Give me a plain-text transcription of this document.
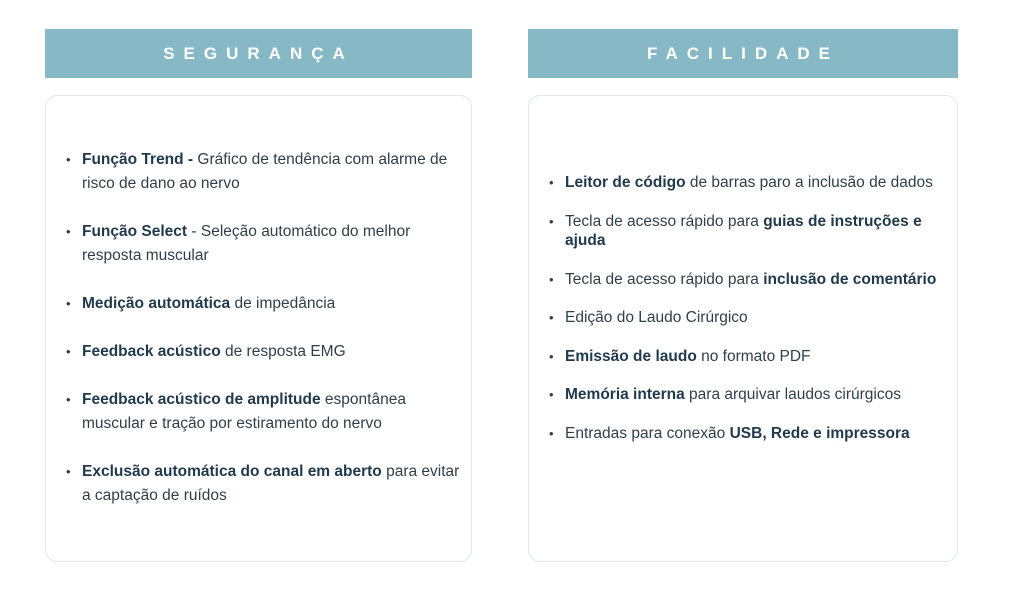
SEGURANÇA	FACILIDADE
• Função Trend - Gráfico de tendência com alarme de risco de dano ao nervo
• Função Select - Seleção automático do melhor resposta muscular
• Medição automática de impedância
• Feedback acústico de resposta EMG
• Feedback acústico de amplitude espontânea muscular e tração por estiramento do nervo
• Exclusão automática do canal em aberto para evitar a captação de ruídos
• Leitor de código de barras paro a inclusão de dados
• Tecla de acesso rápido para guias de instruções e ajuda
• Tecla de acesso rápido para inclusão de comentário
• Edição do Laudo Cirúrgico
• Emissão de laudo no formato PDF
• Memória interna para arquivar laudos cirúrgicos
• Entradas para conexão USB, Rede e impressora
